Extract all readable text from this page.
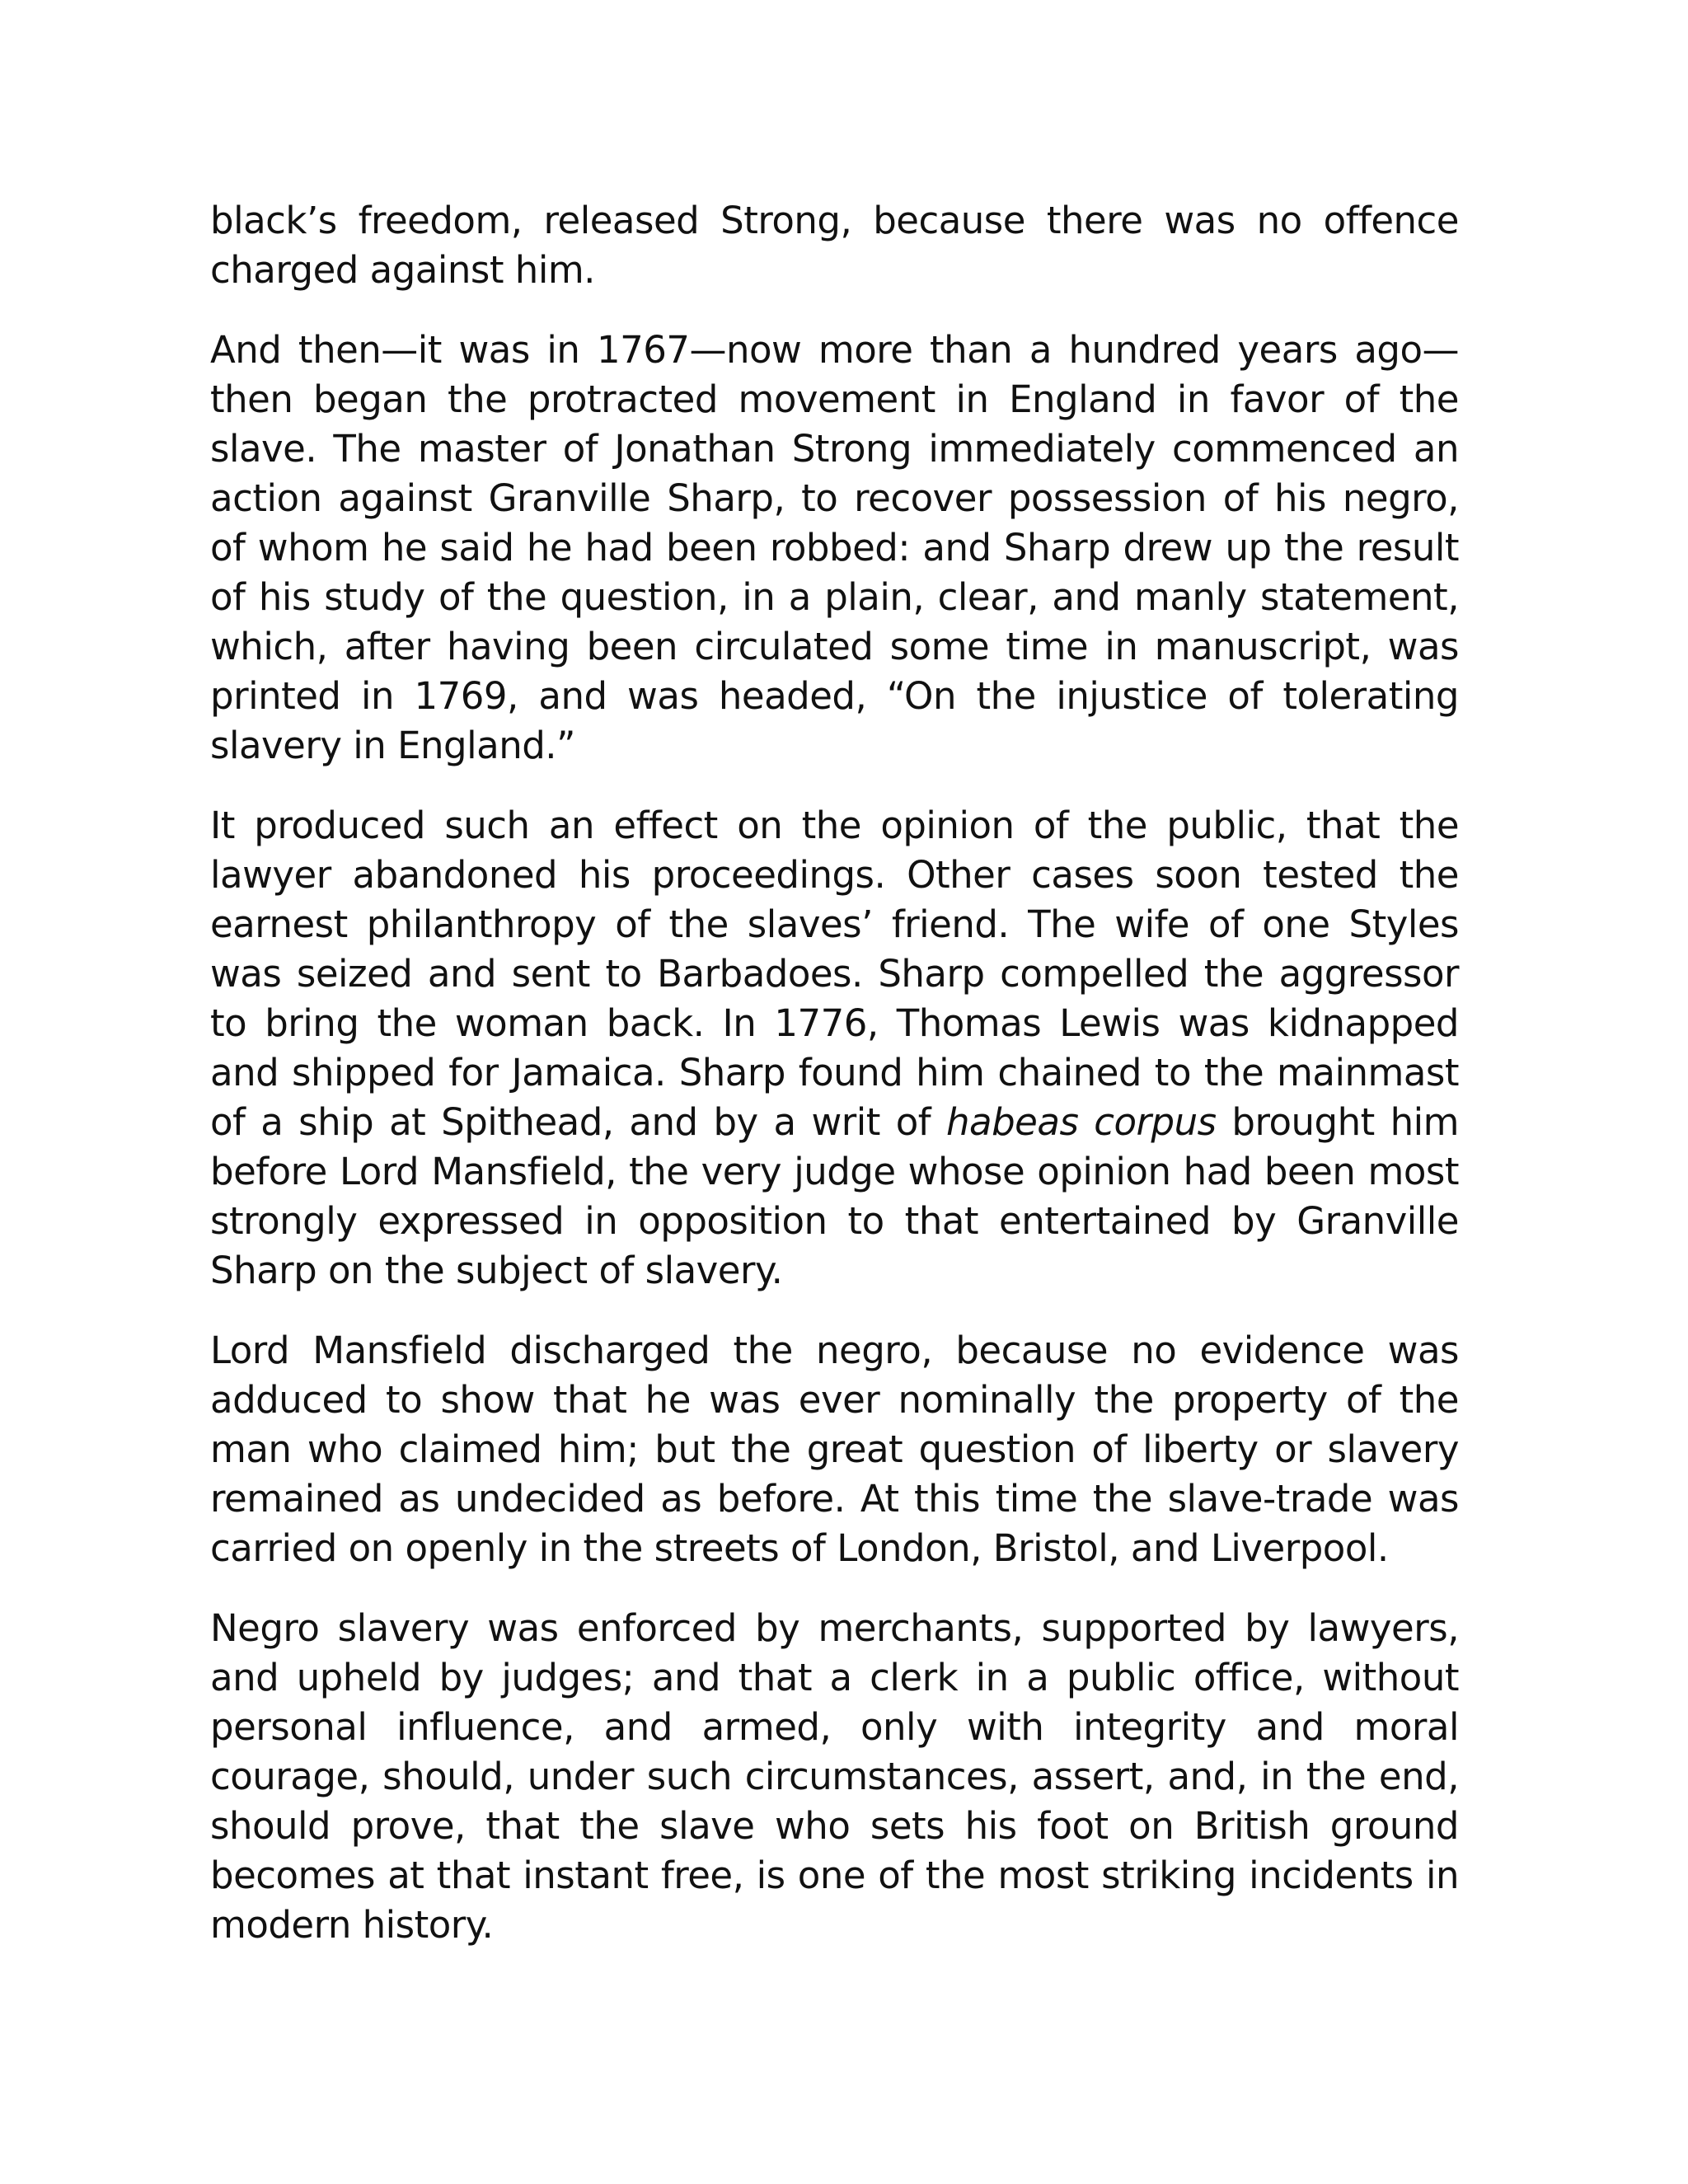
black’s freedom, released Strong, because there was no offence charged against him.

And then—it was in 1767—now more than a hundred years ago—then began the protracted movement in England in favor of the slave. The master of Jonathan Strong immediately commenced an action against Granville Sharp, to recover possession of his negro, of whom he said he had been robbed: and Sharp drew up the result of his study of the question, in a plain, clear, and manly statement, which, after having been circulated some time in manuscript, was printed in 1769, and was headed, “On the injustice of tolerating slavery in England.”

It produced such an effect on the opinion of the public, that the lawyer abandoned his proceedings. Other cases soon tested the earnest philanthropy of the slaves’ friend. The wife of one Styles was seized and sent to Barbadoes. Sharp compelled the aggressor to bring the woman back. In 1776, Thomas Lewis was kidnapped and shipped for Jamaica. Sharp found him chained to the mainmast of a ship at Spithead, and by a writ of habeas corpus brought him before Lord Mansfield, the very judge whose opinion had been most strongly expressed in opposition to that entertained by Granville Sharp on the subject of slavery.

Lord Mansfield discharged the negro, because no evidence was adduced to show that he was ever nominally the property of the man who claimed him; but the great question of liberty or slavery remained as undecided as before. At this time the slave-trade was carried on openly in the streets of London, Bristol, and Liverpool.

Negro slavery was enforced by merchants, supported by lawyers, and upheld by judges; and that a clerk in a public office, without personal influence, and armed, only with integrity and moral courage, should, under such circumstances, assert, and, in the end, should prove, that the slave who sets his foot on British ground becomes at that instant free, is one of the most striking incidents in modern history.
